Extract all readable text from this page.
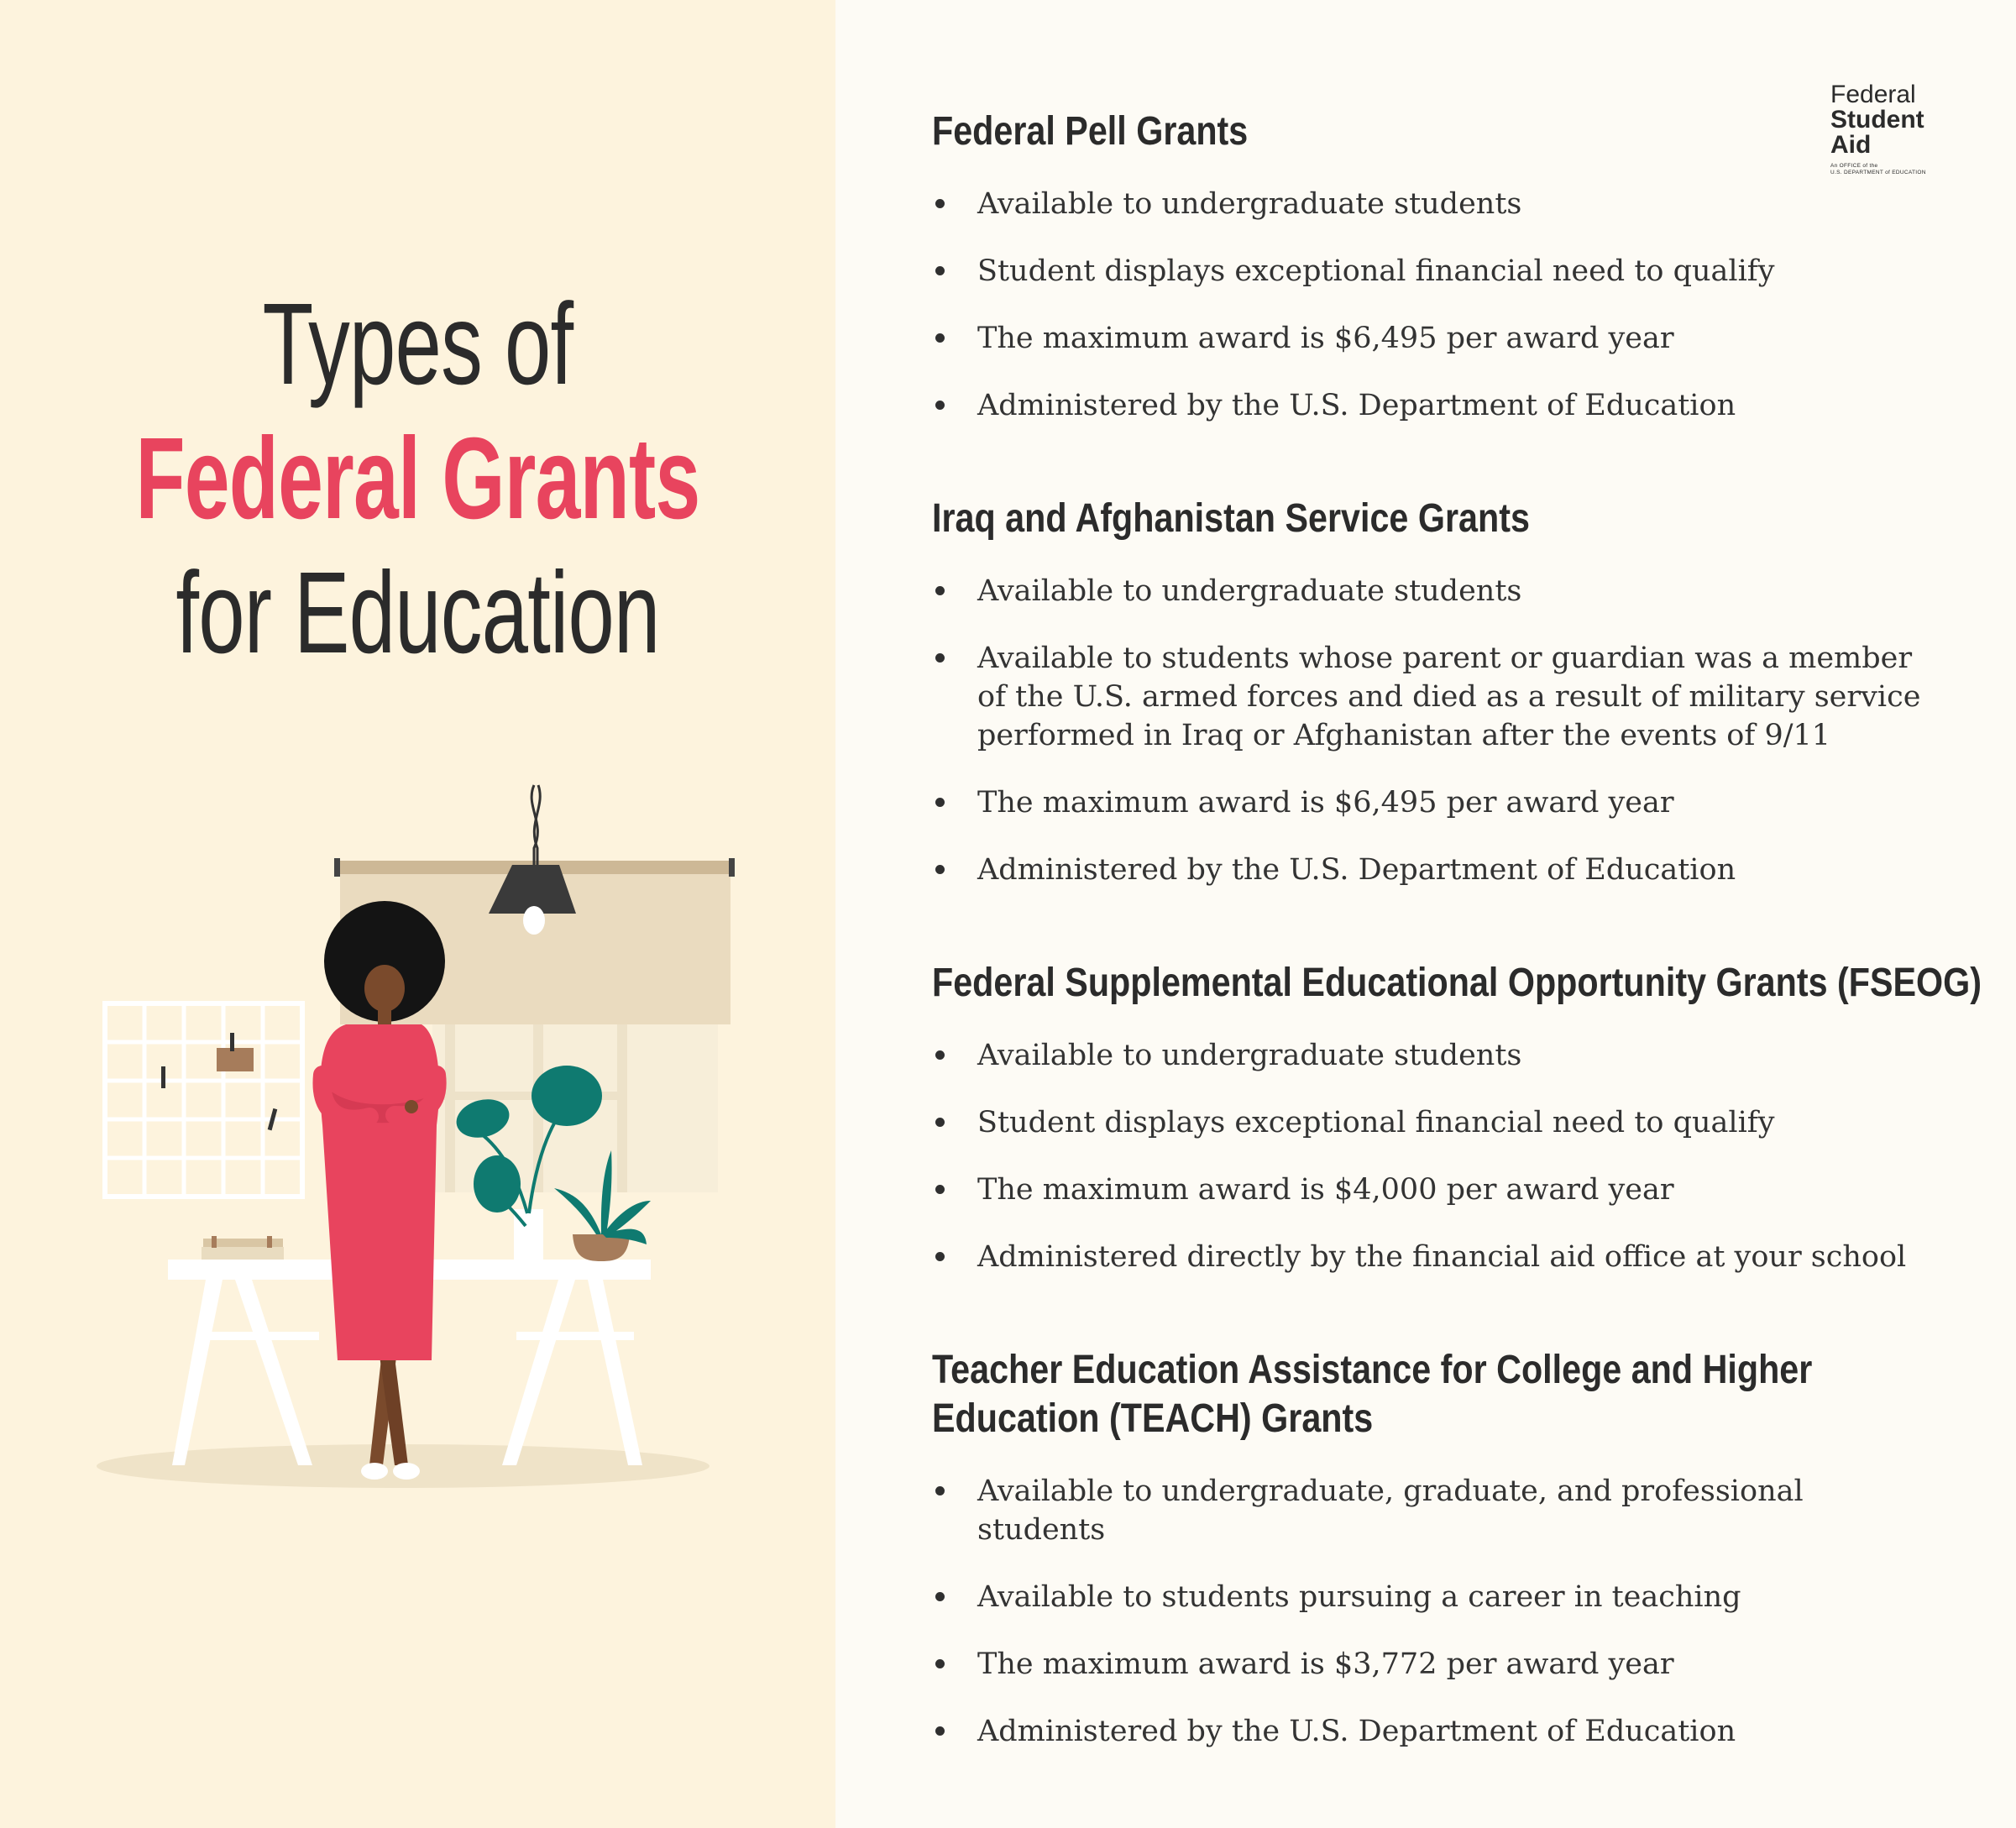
Types of
Federal Grants
for Education
Federal
Student
Aid
An OFFICE of the
U.S. DEPARTMENT of EDUCATION
Federal Pell Grants
Available to undergraduate students
Student displays exceptional financial need to qualify
The maximum award is $6,495 per award year
Administered by the U.S. Department of Education
Iraq and Afghanistan Service Grants
Available to undergraduate students
Available to students whose parent or guardian was a member of the U.S. armed forces and died as a result of military service performed in Iraq or Afghanistan after the events of 9/11
The maximum award is $6,495 per award year
Administered by the U.S. Department of Education
Federal Supplemental Educational Opportunity Grants (FSEOG)
Available to undergraduate students
Student displays exceptional financial need to qualify
The maximum award is $4,000 per award year
Administered directly by the financial aid office at your school
Teacher Education Assistance for College and Higher Education (TEACH) Grants
Available to undergraduate, graduate, and professional students
Available to students pursuing a career in teaching
The maximum award is $3,772 per award year
Administered by the U.S. Department of Education
